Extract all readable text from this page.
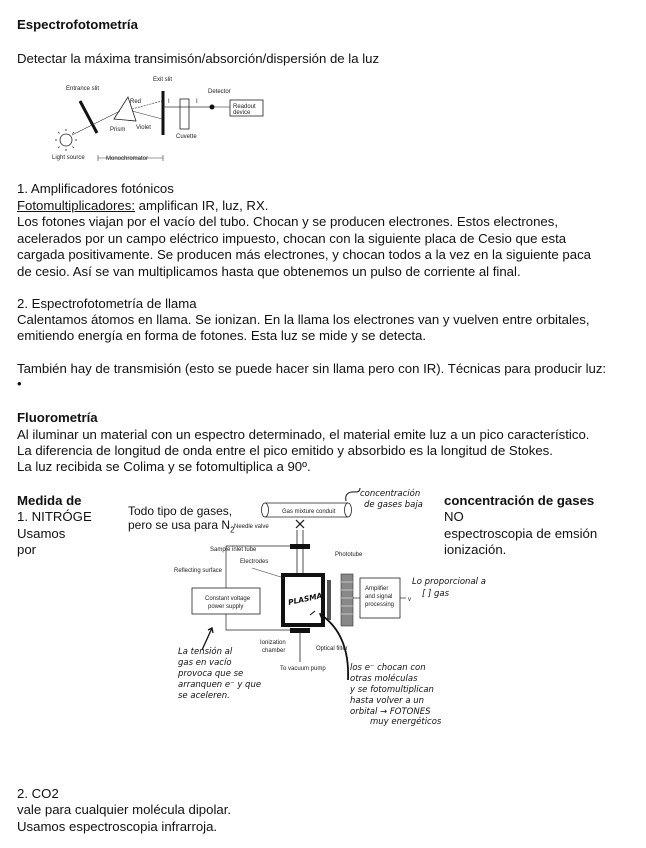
Espectrofotometría
Detectar la máxima transimisón/absorción/dispersión de la luz
Entrance slit
Exit slit
Detector
Red	I	I
Readout
device
Prism Violet
Cuvette
Light source	Monochromator
1. Amplificadores fotónicos
Fotomultiplicadores: amplifican IR, luz, RX.
Los fotones viajan por el vacío del tubo. Chocan y se producen electrones. Estos electrones,
acelerados por un campo eléctrico impuesto, chocan con la siguiente placa de Cesio que esta
cargada positivamente. Se producen más electrones, y chocan todos a la vez en la siguiente paca
de cesio. Así se van multiplicamos hasta que obtenemos un pulso de corriente al final.
2. Espectrofotometría de llama
Calentamos átomos en llama. Se ionizan. En la llama los electrones van y vuelven entre orbitales,
emitiendo energía en forma de fotones. Esta luz se mide y se detecta.
También hay de transmisión (esto se puede hacer sin llama pero con IR). Técnicas para producir luz:
•
Fluorometría
Al iluminar un material con un espectro determinado, el material emite luz a un pico característico.
La diferencia de longitud de onda entre el pico emitido y absorbido es la longitud de Stokes.
La luz recibida se Colima y se fotomultiplica a 90º.
Medida de
1. NITRÓGE
Usamos
por
concentración de gases
NO
espectroscopia de emsión
ionización.
Todo tipo de gases,
pero se usa para $N_2$
Gas mixture conduit
Needle valve
Sample inlet tube
Electrodes
Reflecting surface
Phototube
Constant voltage
power supply
Amplifier
and signal
processing
v
Ionization
chamber	Optical filter
To vacuum pump
PLASMA
concentración
de gases baja
Lo proporcional a
[ ] gas
La tensión al
gas en vacío
provoca que se
arranquen e⁻ y que
se aceleren.
los e⁻ chocan con
otras moléculas
y se fotomultiplican
hasta volver a un
orbital → FOTONES
muy energéticos
2. CO2
vale para cualquier molécula dipolar.
Usamos espectroscopia infrarroja.
